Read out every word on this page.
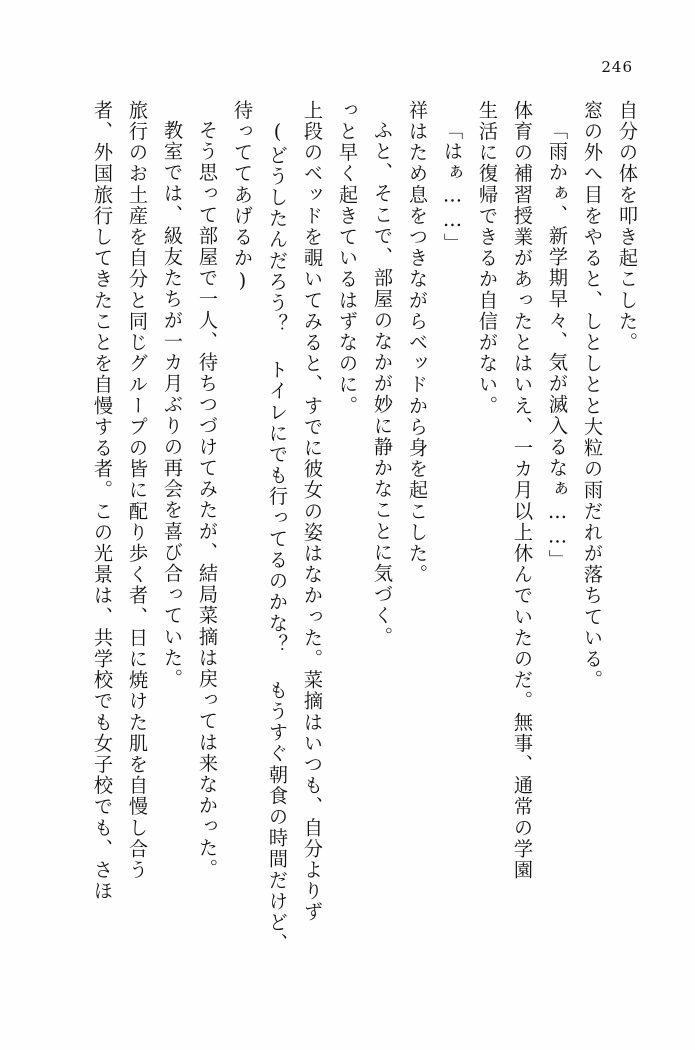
246
自分の体を叩き起こした。
窓の外へ目をやると、しとしとと大粒の雨だれが落ちている。
「雨かぁ、新学期早々、気が滅入るなぁ……」
体育の補習授業があったとはいえ、一カ月以上休んでいたのだ。無事、通常の学園
生活に復帰できるか自信がない。
「はぁ……」
祥はため息をつきながらベッドから身を起こした。
ふと、そこで、部屋のなかが妙に静かなことに気づく。
っと早く起きているはずなのに。
上段のベッドを覗いてみると、すでに彼女の姿はなかった。菜摘はいつも、自分よりず
(どうしたんだろう？ トイレにでも行ってるのかな？ もうすぐ朝食の時間だけど、
待っててあげるか)
そう思って部屋で一人、待ちつづけてみたが、結局菜摘は戻っては来なかった。
教室では、級友たちが一カ月ぶりの再会を喜び合っていた。
旅行のお土産を自分と同じグループの皆に配り歩く者、日に焼けた肌を自慢し合う
者、外国旅行してきたことを自慢する者。この光景は、共学校でも女子校でも、さほ
